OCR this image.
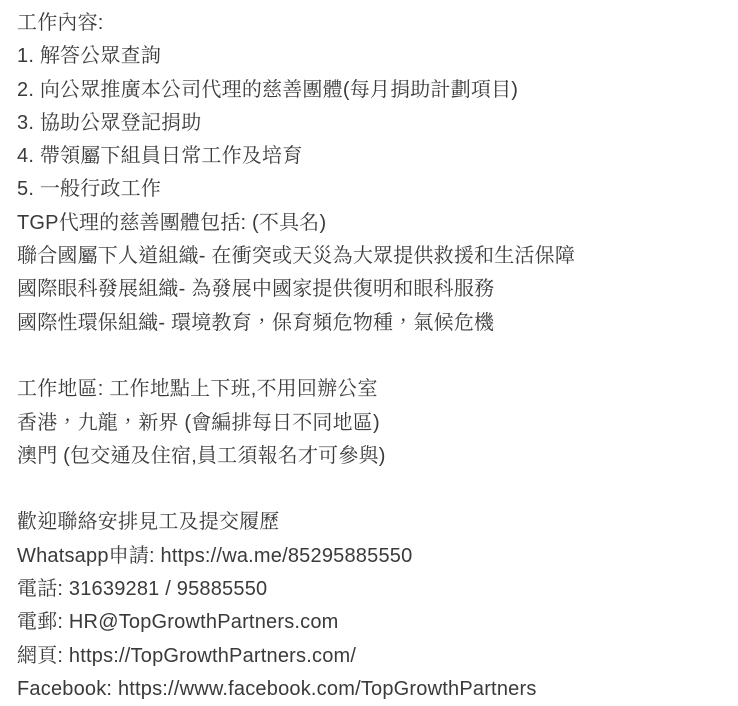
工作內容:

1. 解答公眾查詢

2. 向公眾推廣本公司代理的慈善團體(每月捐助計劃項目)

3. 協助公眾登記捐助

4. 帶領屬下組員日常工作及培育

5. 一般行政工作

TGP代理的慈善團體包括: (不具名)

聯合國屬下人道組織- 在衝突或天災為大眾提供救援和生活保障

國際眼科發展組織- 為發展中國家提供復明和眼科服務

國際性環保組織- 環境教育，保育頻危物種，氣候危機

工作地區: 工作地點上下班,不用回辦公室

香港，九龍，新界 (會編排每日不同地區)

澳門 (包交通及住宿,員工須報名才可參與)

歡迎聯絡安排見工及提交履歷

Whatsapp申請: https://wa.me/85295885550

電話: 31639281 / 95885550

電郵: HR@TopGrowthPartners.com

網頁: https://TopGrowthPartners.com/

Facebook: https://www.facebook.com/TopGrowthPartners
